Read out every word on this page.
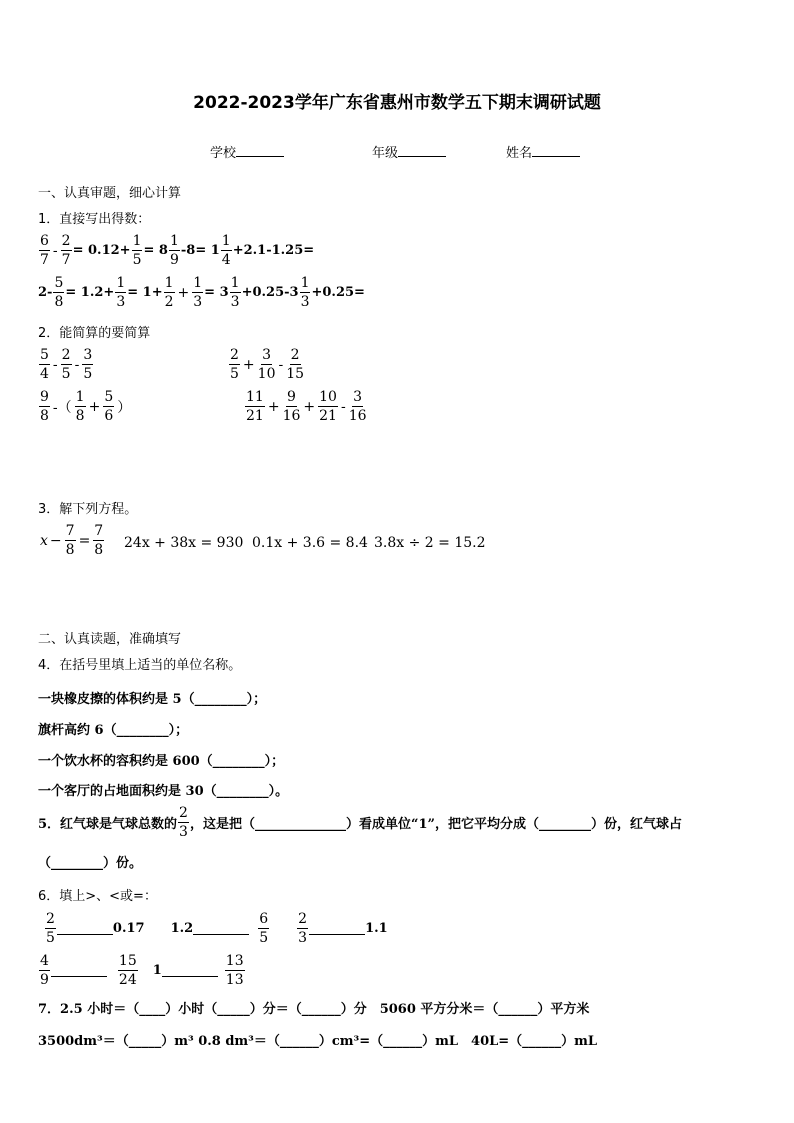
2022-2023学年广东省惠州市数学五下期末调研试题
学校	年级	姓名
一、认真审题，细心计算
1．直接写出得数：
$\frac{6}{7} - \frac{2}{7} = 0.12+ \frac{1}{5} = 8 \frac{1}{9} -8= 1 \frac{1}{4} +2.1-1.25=$
$2- \frac{5}{8} = 1.2+ \frac{1}{3} = 1+ \frac{1}{2} + \frac{1}{3} = 3 \frac{1}{3} +0.25-3 \frac{1}{3} +0.25=$
2．能简算的要简算
$\frac{5}{4} - \frac{2}{5} - \frac{3}{5}$	$\frac{2}{5} + \frac{3}{10} - \frac{2}{15}$
$\frac{9}{8}$ -（ $\frac{1}{8} + \frac{5}{6}$ ）	$\frac{11}{21} + \frac{9}{16} + \frac{10}{21} - \frac{3}{16}$
3．解下列方程。
$x - \frac{7}{8} = \frac{7}{8} 24x + 38x = 930$ 0.1x + 3.6 = 8.4 3.8x ÷ 2 = 15.2
二、认真读题，准确填写
4．在括号里填上适当的单位名称。
一块橡皮擦的体积约是 5（________）；
旗杆高约 6（________）；
一个饮水杯的容积约是 600（________）；
一个客厅的占地面积约是 30（________）。
5．红气球是气球总数的 $\frac{2}{3}$ ，这是把（______________）看成单位“1”，把它平均分成（________）份，红气球占
（________）份。
6．填上>、<或=：
$\frac{2}{5}$	0.17 1.2	$\frac{6}{5} \frac{2}{3}$	1.1
$\frac{4}{9}$	$\frac{15}{24} 1$	$\frac{13}{13}$
7．2.5 小时＝（____）小时（_____）分＝（______）分　5060 平方分米＝（______）平方米
3500dm³＝（_____）m³ 0.8 dm³＝（______）cm³=（______）mL　40L=（______）mL
